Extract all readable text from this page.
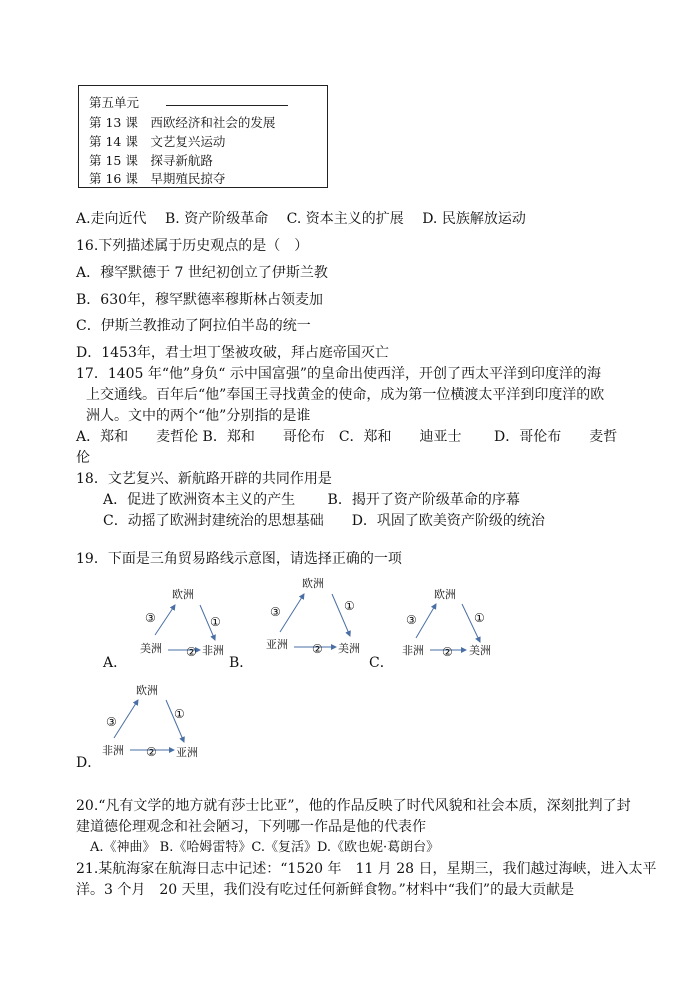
第五单元
第 13 课　西欧经济和社会的发展
第 14 课　文艺复兴运动
第 15 课　探寻新航路
第 16 课　早期殖民掠夺
A.走向近代　 B. 资产阶级革命　 C. 资本主义的扩展　 D. 民族解放运动
16.下列描述属于历史观点的是（　）
A．穆罕默德于 7 世纪初创立了伊斯兰教
B．630年，穆罕默德率穆斯林占领麦加
C．伊斯兰教推动了阿拉伯半岛的统一
D．1453年，君士坦丁堡被攻破，拜占庭帝国灭亡
17．1405 年“他”身负“ 示中国富强”的皇命出使西洋，开创了西太平洋到印度洋的海
上交通线。百年后“他”奉国王寻找黄金的使命，成为第一位横渡太平洋到印度洋的欧
洲人。文中的两个“他”分别指的是谁
A．郑和　　麦哲伦 B．郑和　　哥伦布　C．郑和　　迪亚士　　 D．哥伦布　　麦哲
伦
18．文艺复兴、新航路开辟的共同作用是
A．促进了欧洲资本主义的产生　　 B．揭开了资产阶级革命的序幕
C．动摇了欧洲封建统治的思想基础　　D．巩固了欧美资产阶级的统治
19．下面是三角贸易路线示意图，请选择正确的一项
A．
欧洲
美洲	非洲
③	①
②
B．
欧洲
亚洲	美洲
③	①
②
C．
欧洲
非洲	美洲
③	①
②
D．
欧洲
非洲	亚洲
③
①
②
20.“凡有文学的地方就有莎士比亚”，他的作品反映了时代风貌和社会本质，深刻批判了封
建道德伦理观念和社会陋习，下列哪一作品是他的代表作
A.《神曲》 B.《哈姆雷特》C.《复活》D.《欧也妮·葛朗台》
21.某航海家在航海日志中记述：“1520 年　11 月 28 日，星期三，我们越过海峡，进入太平
洋。3 个月　20 天里，我们没有吃过任何新鲜食物。”材料中“我们”的最大贡献是
